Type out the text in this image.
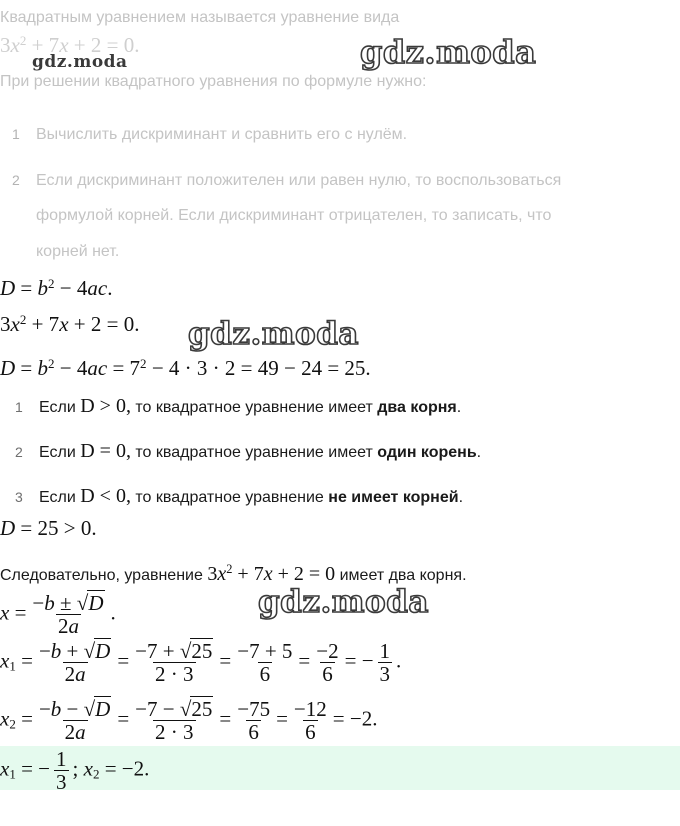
Квадратным уравнением называется уравнение вида
$3x^2 + 7x + 2 = 0$.
gdz.moda	gdz.moda
При решении квадратного уравнения по формуле нужно:
1 Вычислить дискриминант и сравнить его с нулём.
2 Если дискриминант положителен или равен нулю, то воспользоваться
формулой корней. Если дискриминант отрицателен, то записать, что
корней нет.
$D = b^2 - 4ac$.
$3x^2 + 7x + 2 = 0$. gdz.moda
$D = b^2 - 4ac = 7^2 - 4 \cdot 3 \cdot 2 = 49 - 24 = 25$.
1 Если D > 0, то квадратное уравнение имеет два корня.
2 Если D = 0, то квадратное уравнение имеет один корень.
3 Если D < 0, то квадратное уравнение не имеет корней.
D = 25 > 0.
Следовательно, уравнение $3x^2 + 7x + 2 = 0$ имеет два корня.
$x = \frac{-b \pm √D}{2a}$ .	gdz.moda
$x_1 = \frac{-b + √D}{2a} = \frac{-7 + √25}{2 \cdot 3} = \frac{-7 + 5}{6} = \frac{-2}{6}$ = − $\frac{1}{3}$ .
$x_2 = \frac{-b - √D}{2a} = \frac{-7 - √25}{2 \cdot 3} = \frac{-75}{6} = \frac{-12}{6} = -2$.
$x_1$ = − $\frac{1}{3}$ ; $x_2 = -2$.
